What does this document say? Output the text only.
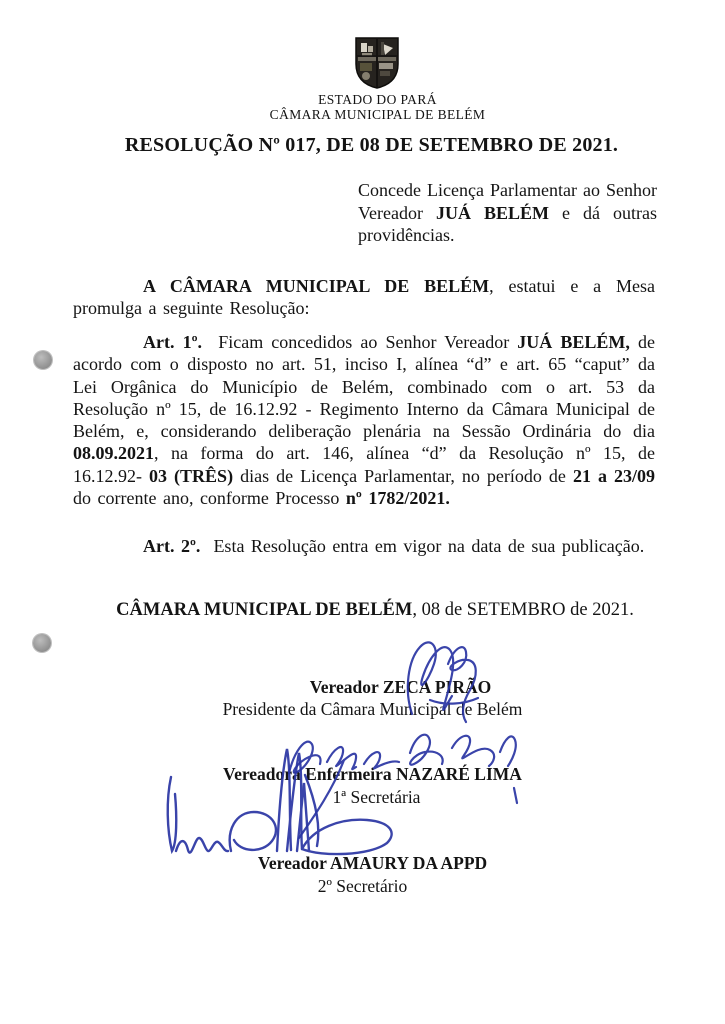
ESTADO DO PARÁ
CÂMARA MUNICIPAL DE BELÉM
RESOLUÇÃO Nº 017, DE 08 DE SETEMBRO DE 2021.
Concede Licença Parlamentar ao Senhor Vereador JUÁ BELÉM e dá outras providências.
A CÂMARA MUNICIPAL DE BELÉM, estatui e a Mesa promulga a seguinte Resolução:
Art. 1º.  Ficam concedidos ao Senhor Vereador JUÁ BELÉM, de acordo com o disposto no art. 51, inciso I, alínea “d” e art. 65 “caput” da Lei Orgânica do Município de Belém, combinado com o art. 53 da Resolução nº 15, de 16.12.92 - Regimento Interno da Câmara Municipal de Belém, e, considerando deliberação plenária na Sessão Ordinária do dia 08.09.2021, na forma do art. 146, alínea “d” da Resolução nº 15, de 16.12.92- 03 (TRÊS) dias de Licença Parlamentar, no período de 21 a 23/09 do corrente ano, conforme Processo nº 1782/2021.
Art. 2º.  Esta Resolução entra em vigor na data de sua publicação.
CÂMARA MUNICIPAL DE BELÉM, 08 de SETEMBRO de 2021.
Vereador ZECA PIRÃO
Presidente da Câmara Municipal de Belém
Vereadora Enfermeira NAZARÉ LIMA
1ª Secretária
Vereador AMAURY DA APPD
2º Secretário
